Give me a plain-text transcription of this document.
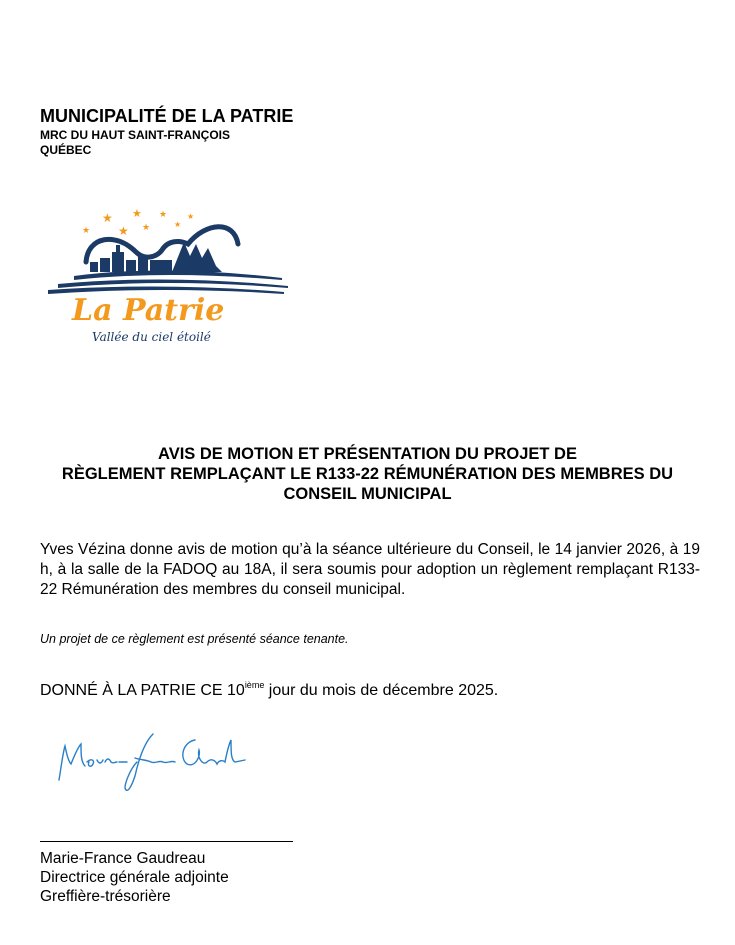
MUNICIPALITÉ DE LA PATRIE
MRC DU HAUT SAINT-FRANÇOIS
QUÉBEC
★ ★ ★ ★
★ ★ ★	★
La Patrie
Vallée du ciel étoilé
AVIS DE MOTION ET PRÉSENTATION DU PROJET DE
RÈGLEMENT REMPLAÇANT LE R133-22 RÉMUNÉRATION DES MEMBRES DU
CONSEIL MUNICIPAL
Yves Vézina donne avis de motion qu’à la séance ultérieure du Conseil, le 14 janvier 2026, à 19 h, à la salle de la FADOQ au 18A, il sera soumis pour adoption un règlement remplaçant R133-22 Rémunération des membres du conseil municipal.
Un projet de ce règlement est présenté séance tenante.
DONNÉ À LA PATRIE CE 10ième jour du mois de décembre 2025.
Marie-France Gaudreau
Directrice générale adjointe
Greffière-trésorière
